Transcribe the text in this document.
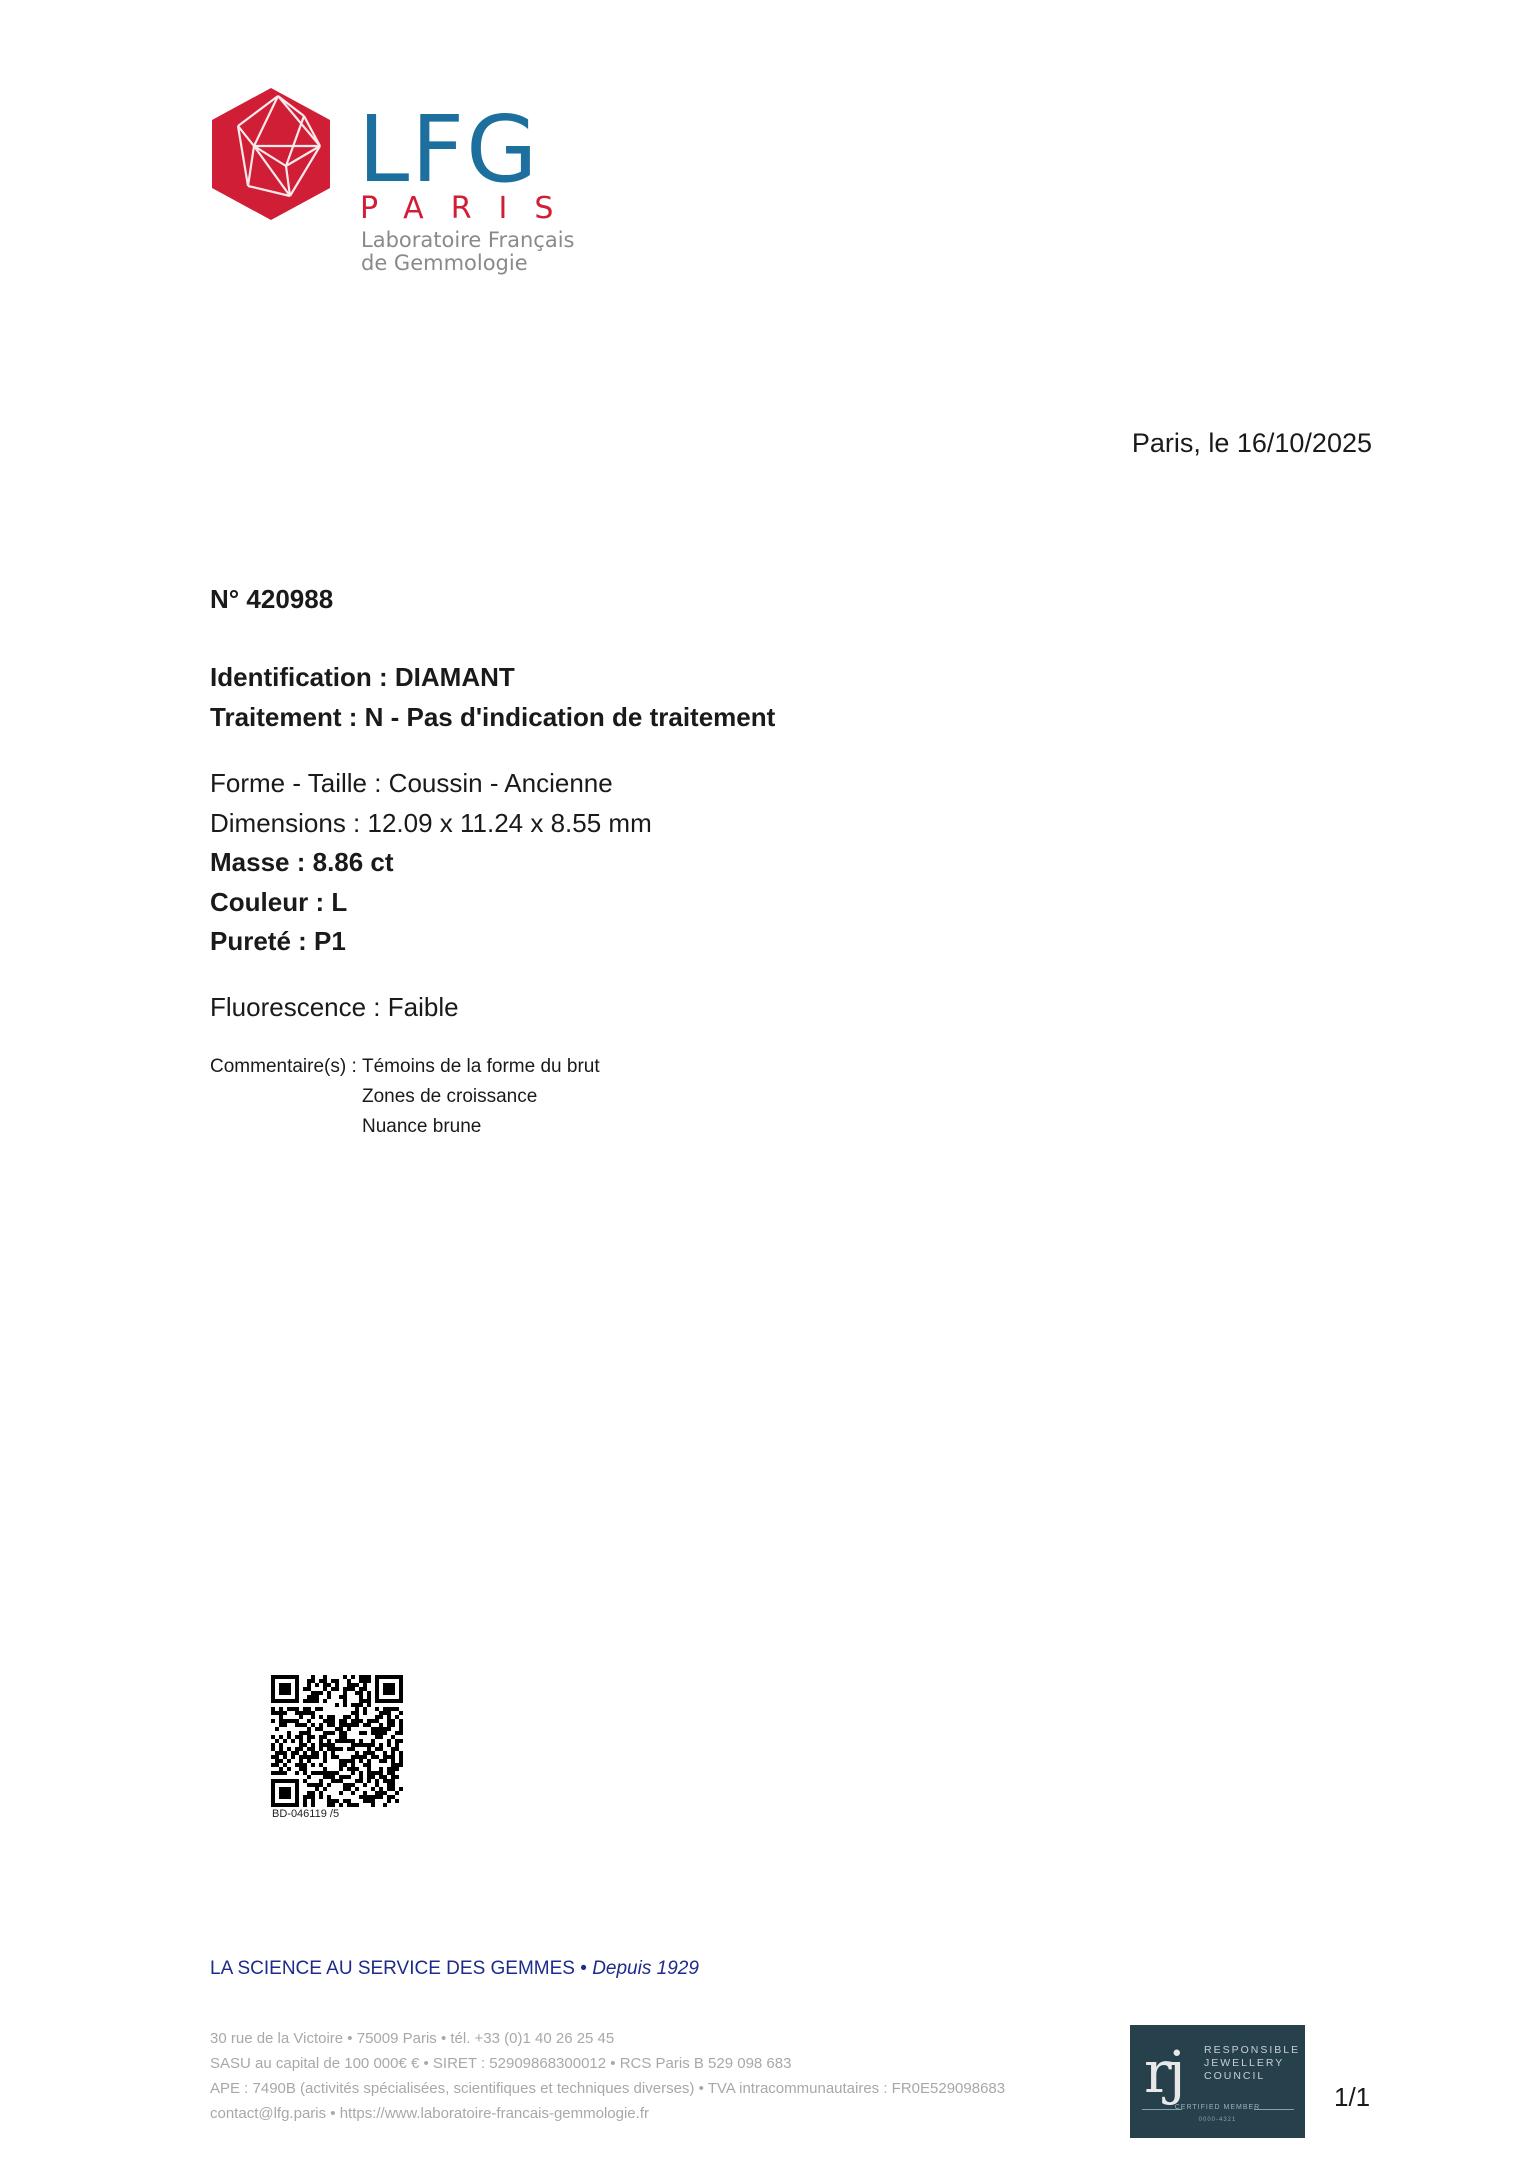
LFG
PARIS
Laboratoire Français
de Gemmologie
Paris, le 16/10/2025
N° 420988
Identification : DIAMANT
Traitement : N - Pas d'indication de traitement
Forme - Taille : Coussin - Ancienne
Dimensions : 12.09 x 11.24 x 8.55 mm
Masse : 8.86 ct
Couleur : L
Pureté : P1
Fluorescence : Faible
Commentaire(s) : Témoins de la forme du brut
Zones de croissance
Nuance brune
BD-046119 /5
LA SCIENCE AU SERVICE DES GEMMES • Depuis 1929
30 rue de la Victoire • 75009 Paris • tél. +33 (0)1 40 26 25 45
SASU au capital de 100 000€ € • SIRET : 52909868300012 • RCS Paris B 529 098 683
APE : 7490B (activités spécialisées, scientifiques et techniques diverses) • TVA intracommunautaires : FR0E529098683
contact@lfg.paris • https://www.laboratoire-francais-gemmologie.fr
rj RESPONSIBLE
JEWELLERY
COUNCIL
CERTIFIED MEMBER
0000-4321
1/1
